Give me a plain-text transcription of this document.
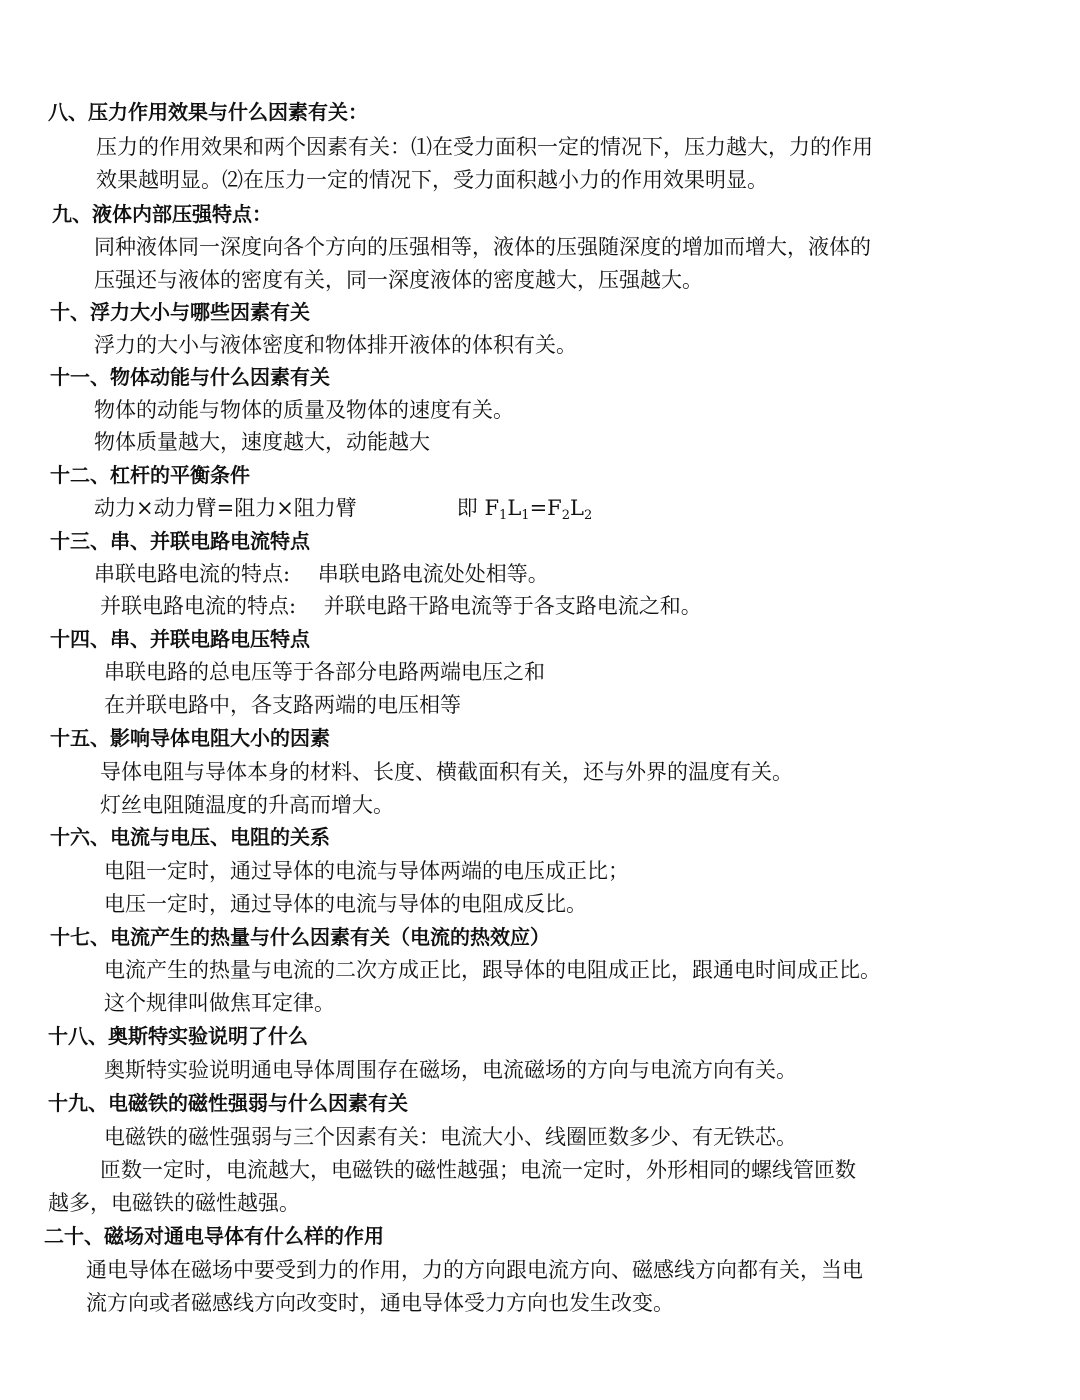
八、压力作用效果与什么因素有关：
压力的作用效果和两个因素有关：⑴在受力面积一定的情况下，压力越大，力的作用
效果越明显。⑵在压力一定的情况下，受力面积越小力的作用效果明显。
九、液体内部压强特点：
同种液体同一深度向各个方向的压强相等，液体的压强随深度的增加而增大，液体的
压强还与液体的密度有关，同一深度液体的密度越大，压强越大。
十、浮力大小与哪些因素有关
浮力的大小与液体密度和物体排开液体的体积有关。
十一、物体动能与什么因素有关
物体的动能与物体的质量及物体的速度有关。
物体质量越大，速度越大，动能越大
十二、杠杆的平衡条件
动力×动力臂=阻力×阻力臂	即 $F_1L_1=F_2L_2$
十三、串、并联电路电流特点
串联电路电流的特点:　 串联电路电流处处相等。
并联电路电流的特点:　 并联电路干路电流等于各支路电流之和。
十四、串、并联电路电压特点
串联电路的总电压等于各部分电路两端电压之和
在并联电路中，各支路两端的电压相等
十五、影响导体电阻大小的因素
导体电阻与导体本身的材料、长度、横截面积有关，还与外界的温度有关。
灯丝电阻随温度的升高而增大。
十六、电流与电压、电阻的关系
电阻一定时，通过导体的电流与导体两端的电压成正比；
电压一定时，通过导体的电流与导体的电阻成反比。
十七、电流产生的热量与什么因素有关（电流的热效应）
电流产生的热量与电流的二次方成正比，跟导体的电阻成正比，跟通电时间成正比。
这个规律叫做焦耳定律。
十八、奥斯特实验说明了什么
奥斯特实验说明通电导体周围存在磁场，电流磁场的方向与电流方向有关。
十九、电磁铁的磁性强弱与什么因素有关
电磁铁的磁性强弱与三个因素有关：电流大小、线圈匝数多少、有无铁芯。
匝数一定时，电流越大，电磁铁的磁性越强；电流一定时，外形相同的螺线管匝数
越多，电磁铁的磁性越强。
二十、磁场对通电导体有什么样的作用
通电导体在磁场中要受到力的作用，力的方向跟电流方向、磁感线方向都有关，当电
流方向或者磁感线方向改变时，通电导体受力方向也发生改变。
